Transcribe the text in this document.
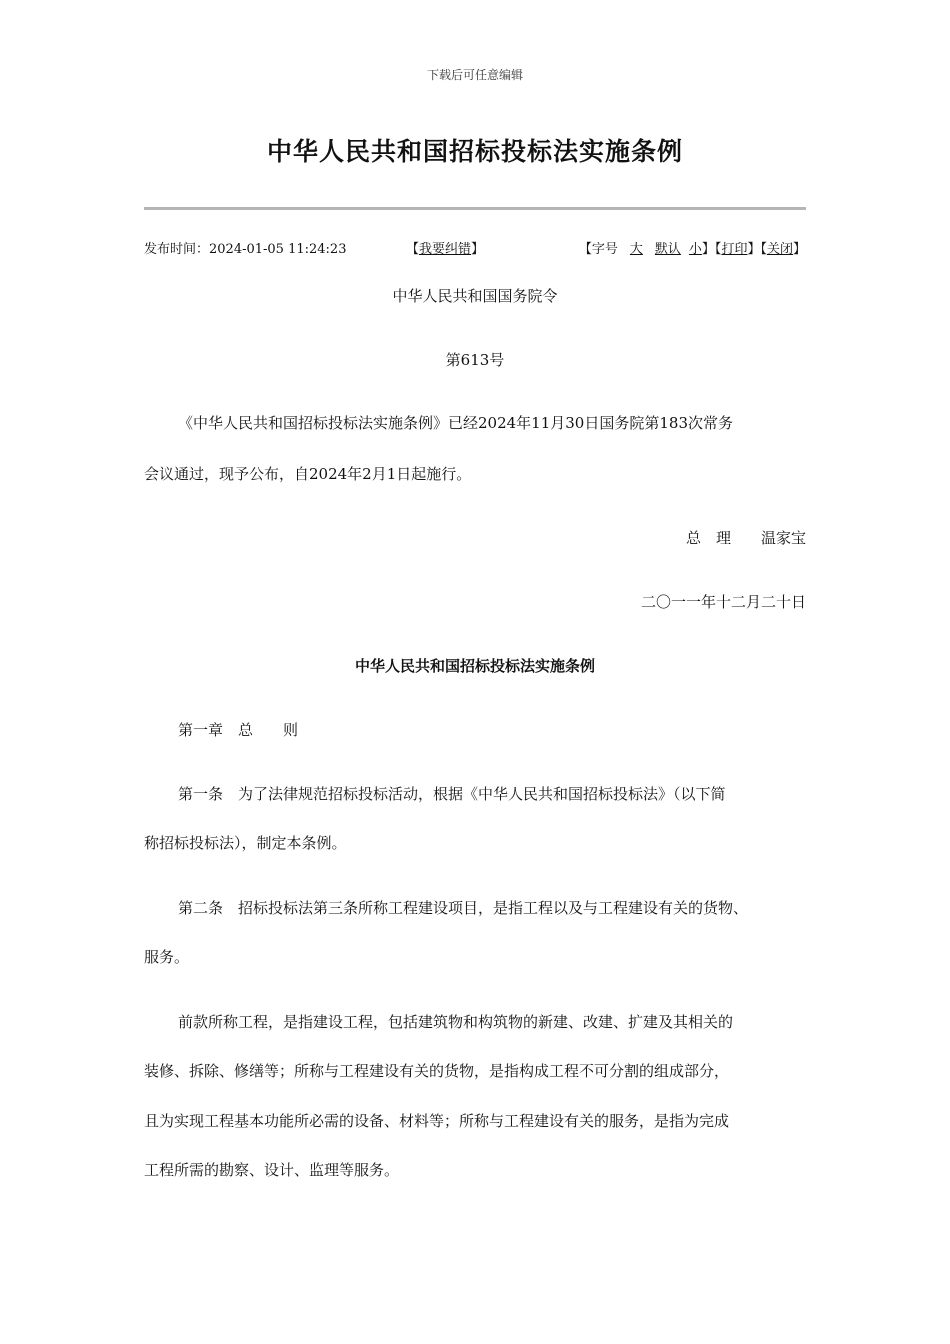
下载后可任意编辑
中华人民共和国招标投标法实施条例
发布时间：2024-01-05 11:24:23	【我要纠错】	【字号 大 默认 小】【打印】【关闭】
中华人民共和国国务院令
第613号
《中华人民共和国招标投标法实施条例》已经2024年11月30日国务院第183次常务
会议通过，现予公布，自2024年2月1日起施行。
总　理　　温家宝
二〇一一年十二月二十日
中华人民共和国招标投标法实施条例
第一章　总　　则
第一条　为了法律规范招标投标活动，根据《中华人民共和国招标投标法》（以下简
称招标投标法），制定本条例。
第二条　招标投标法第三条所称工程建设项目，是指工程以及与工程建设有关的货物、
服务。
前款所称工程，是指建设工程，包括建筑物和构筑物的新建、改建、扩建及其相关的
装修、拆除、修缮等；所称与工程建设有关的货物，是指构成工程不可分割的组成部分，
且为实现工程基本功能所必需的设备、材料等；所称与工程建设有关的服务，是指为完成
工程所需的勘察、设计、监理等服务。
